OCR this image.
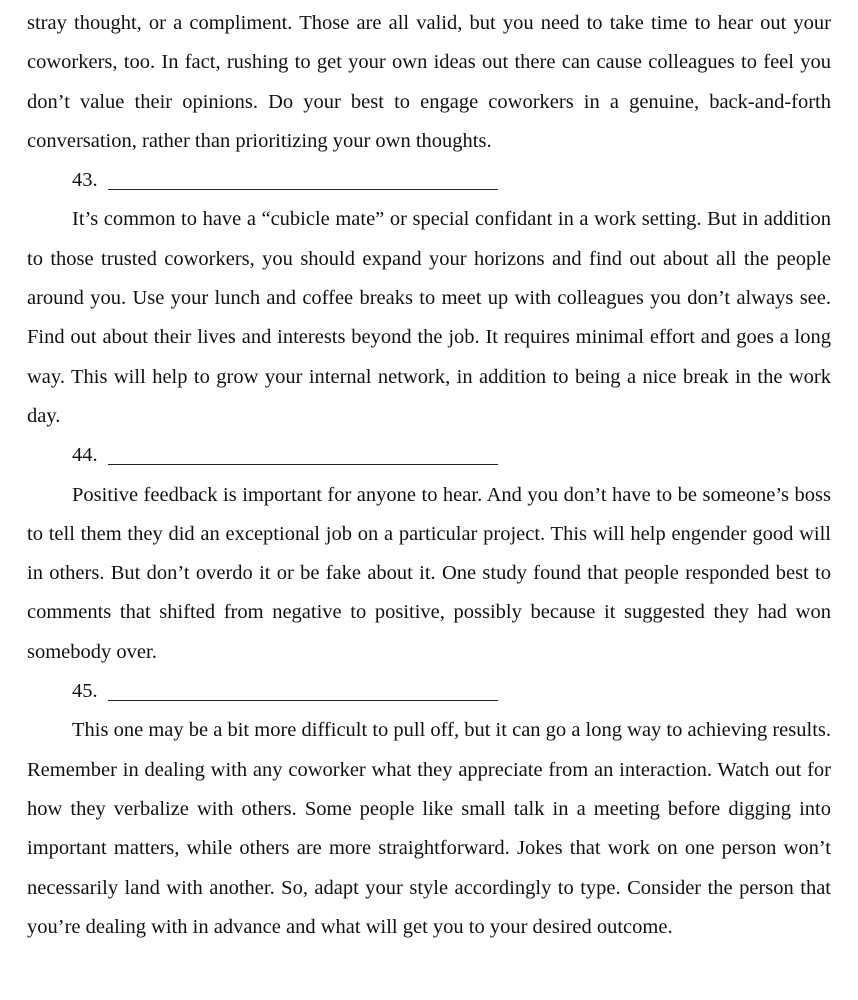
stray thought, or a compliment. Those are all valid, but you need to take time to hear out your coworkers, too. In fact, rushing to get your own ideas out there can cause colleagues to feel you don’t value their opinions. Do your best to engage coworkers in a genuine, back-and-forth conversation, rather than prioritizing your own thoughts.

43.

It’s common to have a “cubicle mate” or special confidant in a work setting. But in addition to those trusted coworkers, you should expand your horizons and find out about all the people around you. Use your lunch and coffee breaks to meet up with colleagues you don’t always see. Find out about their lives and interests beyond the job. It requires minimal effort and goes a long way. This will help to grow your internal network, in addition to being a nice break in the work day.

44.

Positive feedback is important for anyone to hear. And you don’t have to be someone’s boss to tell them they did an exceptional job on a particular project. This will help engender good will in others. But don’t overdo it or be fake about it. One study found that people responded best to comments that shifted from negative to positive, possibly because it suggested they had won somebody over.

45.

This one may be a bit more difficult to pull off, but it can go a long way to achieving results. Remember in dealing with any coworker what they appreciate from an interaction. Watch out for how they verbalize with others. Some people like small talk in a meeting before digging into important matters, while others are more straightforward. Jokes that work on one person won’t necessarily land with another. So, adapt your style accordingly to type. Consider the person that you’re dealing with in advance and what will get you to your desired outcome.
